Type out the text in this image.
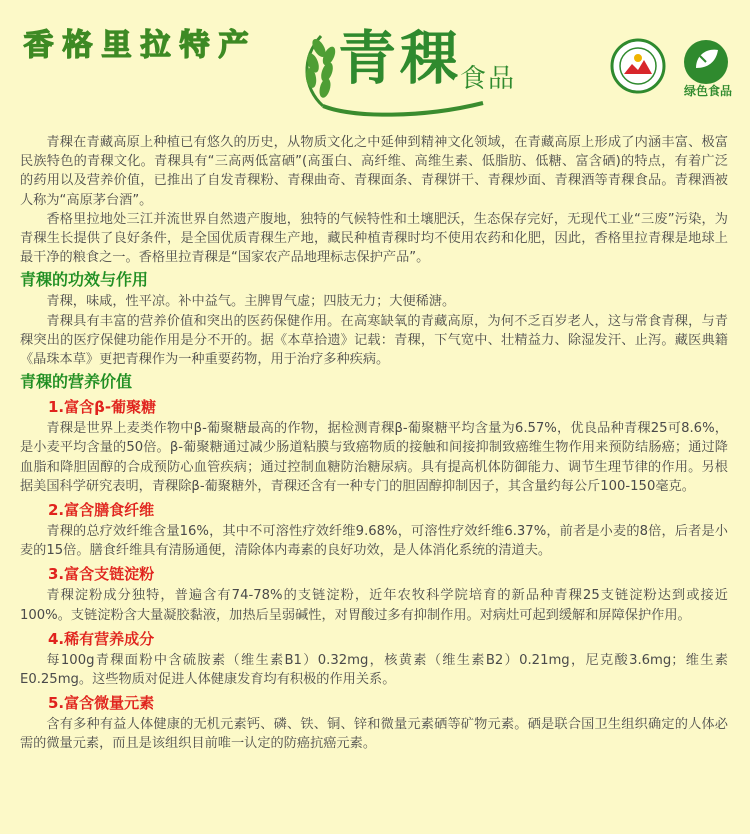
香 格 里 拉 特 产 青稞
食品	绿色食品

青稞在青藏高原上种植已有悠久的历史，从物质文化之中延伸到精神文化领域，在青藏高原上形成了内涵丰富、极富民族特色的青稞文化。青稞具有“三高两低富硒”(高蛋白、高纤维、高维生素、低脂肪、低糖、富含硒)的特点，有着广泛的药用以及营养价值，已推出了自发青稞粉、青稞曲奇、青稞面条、青稞饼干、青稞炒面、青稞酒等青稞食品。青稞酒被人称为“高原茅台酒”。

香格里拉地处三江并流世界自然遗产腹地，独特的气候特性和土壤肥沃，生态保存完好，无现代工业“三废”污染，为青稞生长提供了良好条件，是全国优质青稞生产地，藏民种植青稞时均不使用农药和化肥，因此，香格里拉青稞是地球上最干净的粮食之一。香格里拉青稞是“国家农产品地理标志保护产品”。

青稞的功效与作用

青稞，味咸，性平凉。补中益气。主脾胃气虚；四肢无力；大便稀溏。

青稞具有丰富的营养价值和突出的医药保健作用。在高寒缺氧的青藏高原，为何不乏百岁老人，这与常食青稞，与青稞突出的医疗保健功能作用是分不开的。据《本草拾遗》记载：青稞，下气宽中、壮精益力、除湿发汗、止泻。藏医典籍《晶珠本草》更把青稞作为一种重要药物，用于治疗多种疾病。

青稞的营养价值
1.富含β-葡聚糖

青稞是世界上麦类作物中β-葡聚糖最高的作物，据检测青稞β-葡聚糖平均含量为6.57%，优良品种青稞25可8.6%，是小麦平均含量的50倍。β-葡聚糖通过减少肠道粘膜与致癌物质的接触和间接抑制致癌维生物作用来预防结肠癌；通过降血脂和降胆固醇的合成预防心血管疾病；通过控制血糖防治糖尿病。具有提高机体防御能力、调节生理节律的作用。另根据美国科学研究表明，青稞除β-葡聚糖外，青稞还含有一种专门的胆固醇抑制因子，其含量约每公斤100-150毫克。

2.富含膳食纤维

青稞的总疗效纤维含量16%，其中不可溶性疗效纤维9.68%，可溶性疗效纤维6.37%，前者是小麦的8倍，后者是小麦的15倍。膳食纤维具有清肠通便，清除体内毒素的良好功效，是人体消化系统的清道夫。

3.富含支链淀粉

青稞淀粉成分独特，普遍含有74-78%的支链淀粉，近年农牧科学院培育的新品种青稞25支链淀粉达到或接近100%。支链淀粉含大量凝胶黏液，加热后呈弱碱性，对胃酸过多有抑制作用。对病灶可起到缓解和屏障保护作用。

4.稀有营养成分

每100g青稞面粉中含硫胺素（维生素B1）0.32mg，核黄素（维生素B2）0.21mg，尼克酸3.6mg；维生素E0.25mg。这些物质对促进人体健康发育均有积极的作用关系。

5.富含微量元素

含有多种有益人体健康的无机元素钙、磷、铁、铜、锌和微量元素硒等矿物元素。硒是联合国卫生组织确定的人体必需的微量元素，而且是该组织目前唯一认定的防癌抗癌元素。
